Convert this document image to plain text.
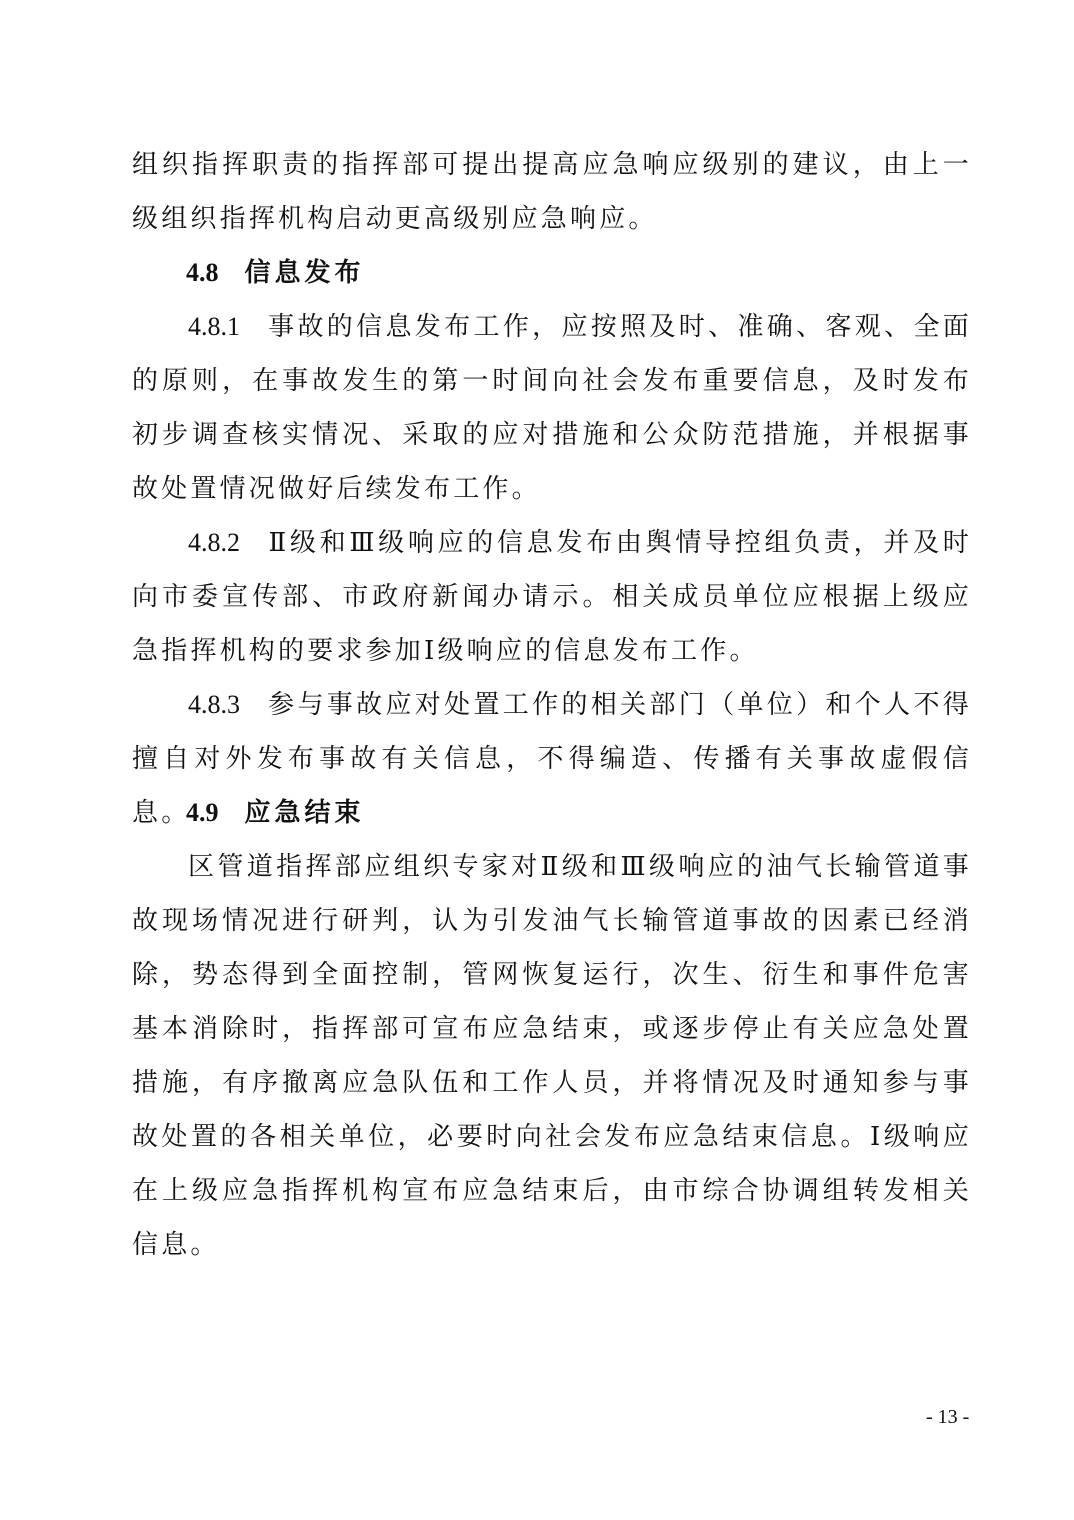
组织指挥职责的指挥部可提出提高应急响应级别的建议，由上一级组织指挥机构启动更高级别应急响应。

4.8 信息发布

4.8.1 事故的信息发布工作，应按照及时、准确、客观、全面的原则，在事故发生的第一时间向社会发布重要信息，及时发布初步调查核实情况、采取的应对措施和公众防范措施，并根据事故处置情况做好后续发布工作。

4.8.2 Ⅱ级和Ⅲ级响应的信息发布由舆情导控组负责，并及时向市委宣传部、市政府新闻办请示。相关成员单位应根据上级应急指挥机构的要求参加Ⅰ级响应的信息发布工作。

4.8.3 参与事故应对处置工作的相关部门（单位）和个人不得擅自对外发布事故有关信息，不得编造、传播有关事故虚假信息。

4.9 应急结束

区管道指挥部应组织专家对Ⅱ级和Ⅲ级响应的油气长输管道事故现场情况进行研判，认为引发油气长输管道事故的因素已经消除，势态得到全面控制，管网恢复运行，次生、衍生和事件危害基本消除时，指挥部可宣布应急结束，或逐步停止有关应急处置措施，有序撤离应急队伍和工作人员，并将情况及时通知参与事故处置的各相关单位，必要时向社会发布应急结束信息。Ⅰ级响应在上级应急指挥机构宣布应急结束后，由市综合协调组转发相关信息。

- 13 -
